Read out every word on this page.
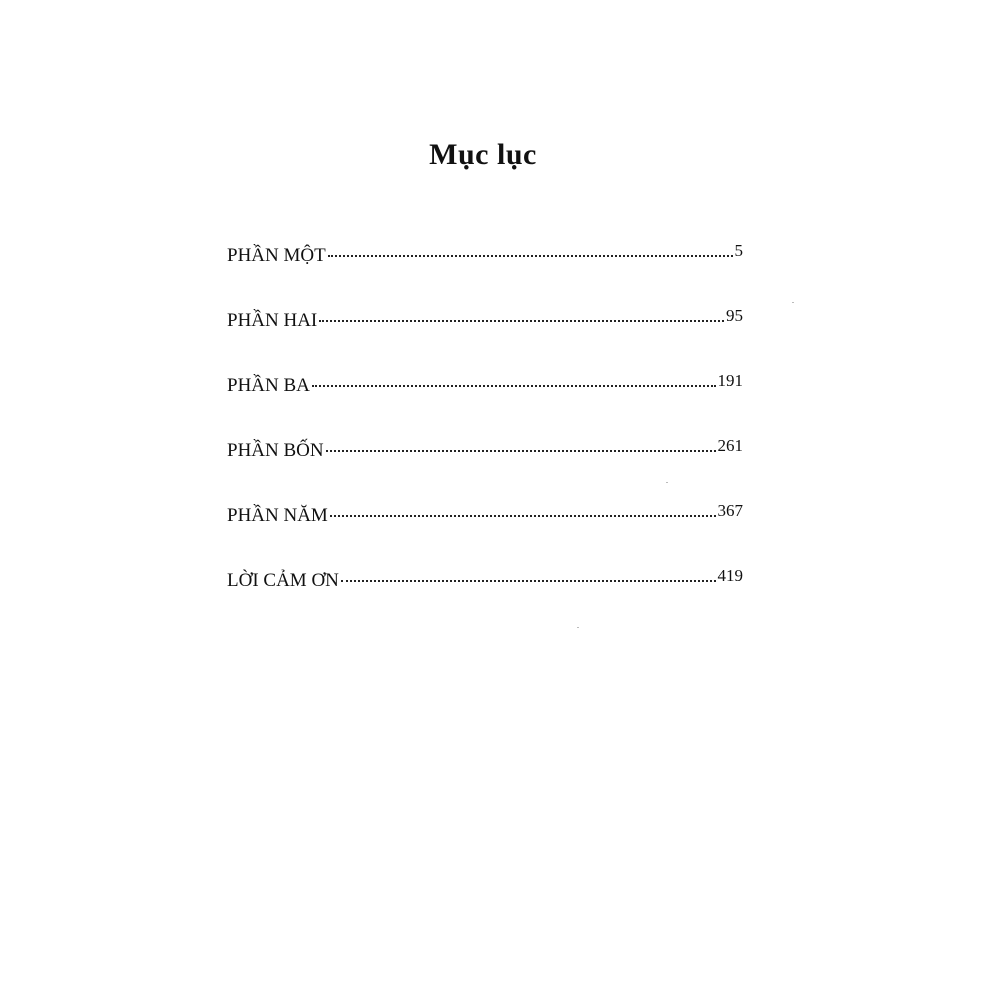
Mục lục
PHẦN MỘT	5
PHẦN HAI	95
PHẦN BA	191
PHẦN BỐN	261
PHẦN NĂM	367
LỜI CẢM ƠN	419
